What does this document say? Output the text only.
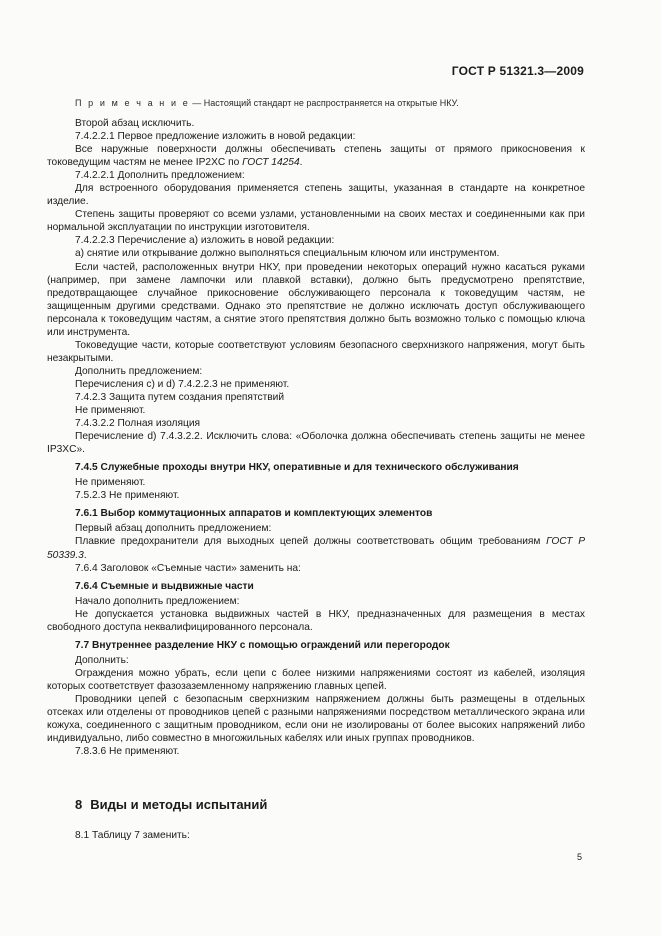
ГОСТ Р 51321.3—2009
П р и м е ч а н и е — Настоящий стандарт не распространяется на открытые НКУ.

Второй абзац исключить.

7.4.2.2.1 Первое предложение изложить в новой редакции:

Все наружные поверхности должны обеспечивать степень защиты от прямого прикосновения к токоведущим частям не менее IP2XC по ГОСТ 14254.

7.4.2.2.1 Дополнить предложением:

Для встроенного оборудования применяется степень защиты, указанная в стандарте на конкретное изделие.

Степень защиты проверяют со всеми узлами, установленными на своих местах и соединенными как при нормальной эксплуатации по инструкции изготовителя.

7.4.2.2.3 Перечисление а) изложить в новой редакции:

а) снятие или открывание должно выполняться специальным ключом или инструментом.

Если частей, расположенных внутри НКУ, при проведении некоторых операций нужно касаться руками (например, при замене лампочки или плавкой вставки), должно быть предусмотрено препятствие, предотвращающее случайное прикосновение обслуживающего персонала к токоведущим частям, не защищенным другими средствами. Однако это препятствие не должно исключать доступ обслуживающего персонала к токоведущим частям, а снятие этого препятствия должно быть возможно только с помощью ключа или инструмента.

Токоведущие части, которые соответствуют условиям безопасного сверхнизкого напряжения, могут быть незакрытыми.

Дополнить предложением:

Перечисления с) и d) 7.4.2.2.3 не применяют.

7.4.2.3 Защита путем создания препятствий

Не применяют.

7.4.3.2.2 Полная изоляция

Перечисление d) 7.4.3.2.2. Исключить слова: «Оболочка должна обеспечивать степень защиты не менее IP3XC».

7.4.5 Служебные проходы внутри НКУ, оперативные и для технического обслуживания

Не применяют.

7.5.2.3 Не применяют.

7.6.1 Выбор коммутационных аппаратов и комплектующих элементов

Первый абзац дополнить предложением:

Плавкие предохранители для выходных цепей должны соответствовать общим требованиям ГОСТ Р 50339.3.

7.6.4 Заголовок «Съемные части» заменить на:

7.6.4 Съемные и выдвижные части

Начало дополнить предложением:

Не допускается установка выдвижных частей в НКУ, предназначенных для размещения в местах свободного доступа неквалифицированного персонала.

7.7 Внутреннее разделение НКУ с помощью ограждений или перегородок

Дополнить:

Ограждения можно убрать, если цепи с более низкими напряжениями состоят из кабелей, изоляция которых соответствует фазозаземленному напряжению главных цепей.

Проводники цепей с безопасным сверхнизким напряжением должны быть размещены в отдельных отсеках или отделены от проводников цепей с разными напряжениями посредством металлического экрана или кожуха, соединенного с защитным проводником, если они не изолированы от более высоких напряжений либо индивидуально, либо совместно в многожильных кабелях или иных группах проводников.

7.8.3.6 Не применяют.

8 Виды и методы испытаний
8.1 Таблицу 7 заменить:
5
